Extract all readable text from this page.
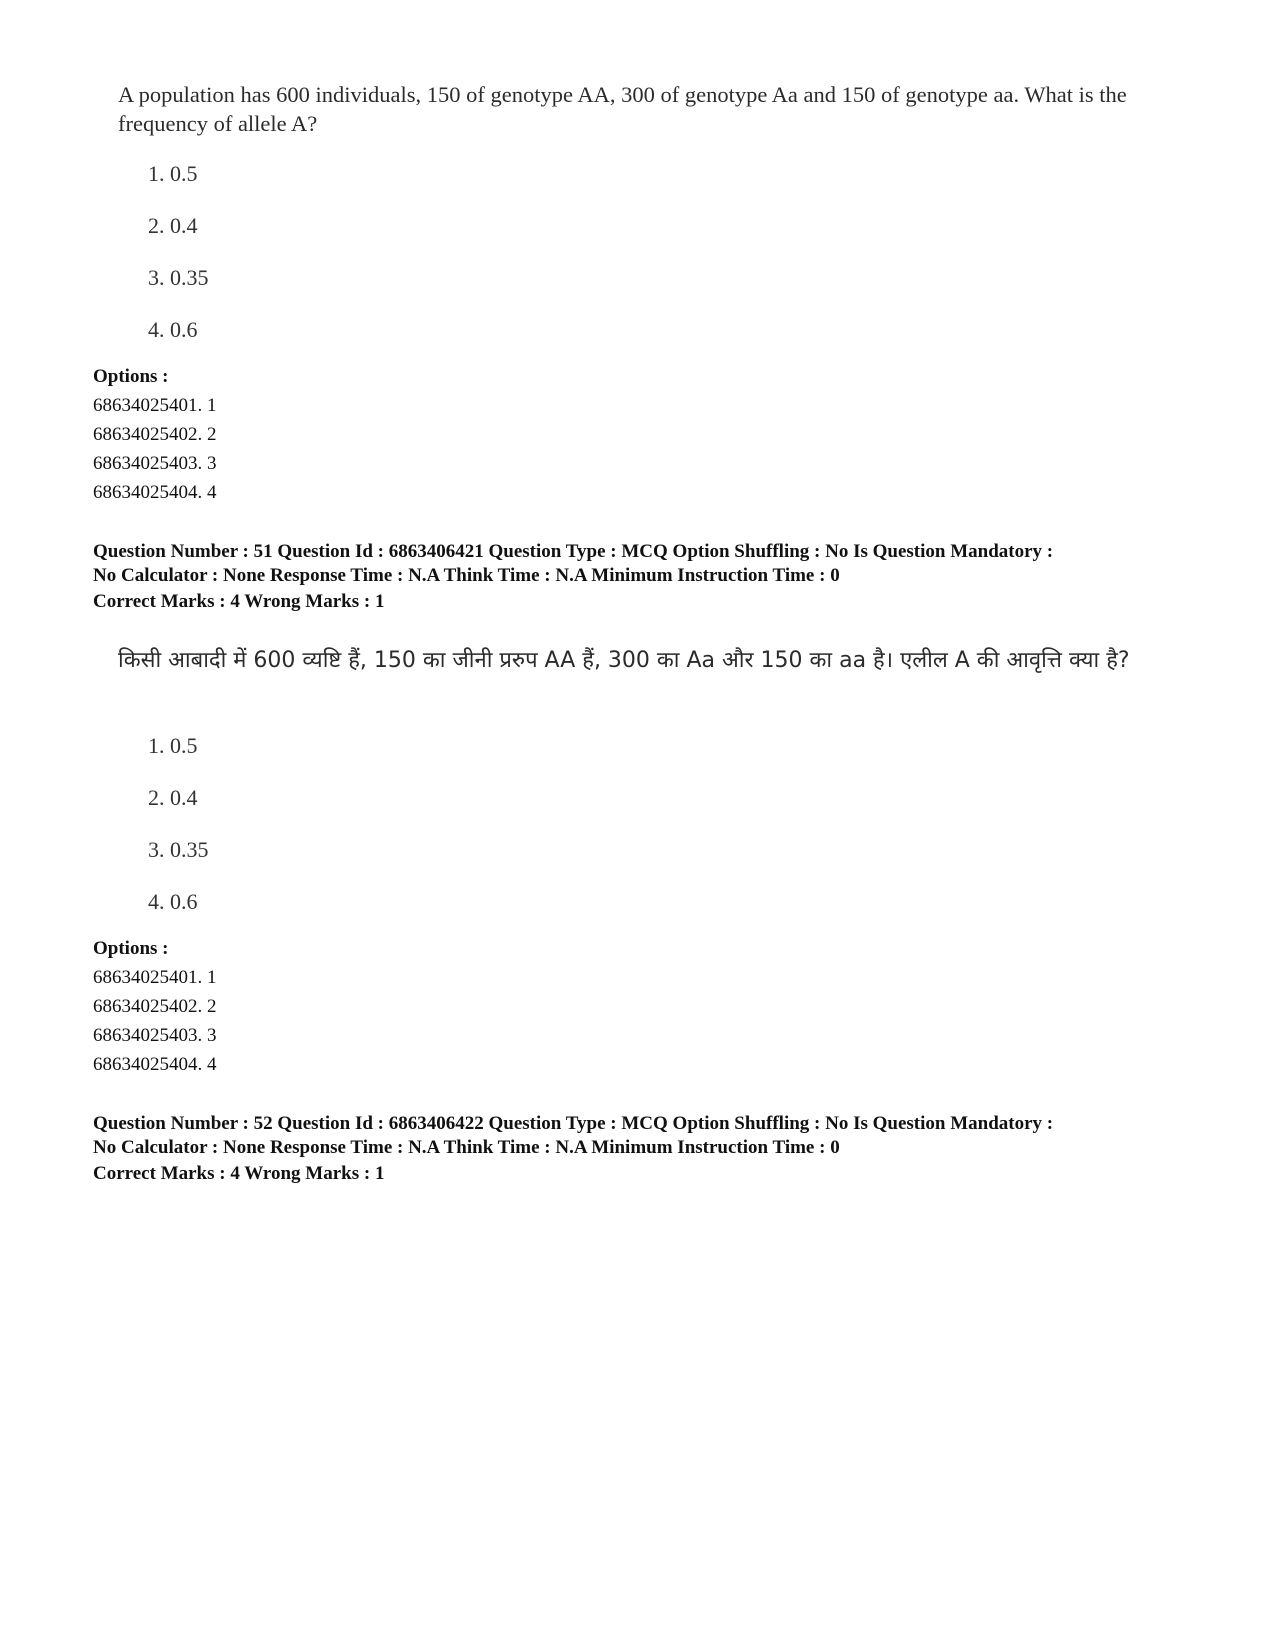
A population has 600 individuals, 150 of genotype AA, 300 of genotype Aa and 150 of genotype aa. What is the frequency of allele A?

1. 0.5
2. 0.4
3. 0.35
4. 0.6
Options :
68634025401. 1
68634025402. 2
68634025403. 3
68634025404. 4
Question Number : 51 Question Id : 6863406421 Question Type : MCQ Option Shuffling : No Is Question Mandatory :
No Calculator : None Response Time : N.A Think Time : N.A Minimum Instruction Time : 0
Correct Marks : 4 Wrong Marks : 1

किसी आबादी में 600 व्यष्टि हैं, 150 का जीनी प्ररुप AA हैं, 300 का Aa और 150 का aa है। एलील A की आवृत्ति क्या है?

1. 0.5
2. 0.4
3. 0.35
4. 0.6
Options :
68634025401. 1
68634025402. 2
68634025403. 3
68634025404. 4
Question Number : 52 Question Id : 6863406422 Question Type : MCQ Option Shuffling : No Is Question Mandatory :
No Calculator : None Response Time : N.A Think Time : N.A Minimum Instruction Time : 0
Correct Marks : 4 Wrong Marks : 1
